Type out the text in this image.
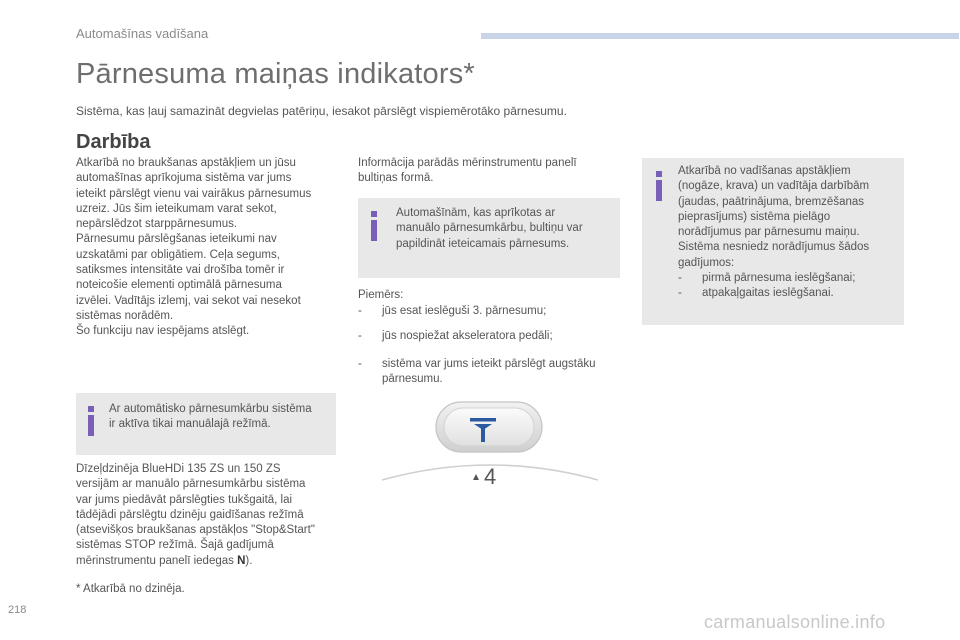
Automašīnas vadīšana
Pārnesuma maiņas indikators*
Sistēma, kas ļauj samazināt degvielas patēriņu, iesakot pārslēgt vispiemērotāko pārnesumu.
Darbība
Atkarībā no braukšanas apstākļiem un jūsu
automašīnas aprīkojuma sistēma var jums
ieteikt pārslēgt vienu vai vairākus pārnesumus
uzreiz. Jūs šim ieteikumam varat sekot,
nepārslēdzot starppārnesumus.
Pārnesumu pārslēgšanas ieteikumi nav
uzskatāmi par obligātiem. Ceļa segums,
satiksmes intensitāte vai drošība tomēr ir
noteicošie elementi optimālā pārnesuma
izvēlei. Vadītājs izlemj, vai sekot vai nesekot
sistēmas norādēm.
Šo funkciju nav iespējams atslēgt.
Ar automātisko pārnesumkārbu sistēma
ir aktīva tikai manuālajā režīmā.
Dīzeļdzinēja BlueHDi 135 ZS un 150 ZS
versijām ar manuālo pārnesumkārbu sistēma
var jums piedāvāt pārslēgties tukšgaitā, lai
tādējādi pārslēgtu dzinēju gaidīšanas režīmā
(atsevišķos braukšanas apstākļos "Stop&Start"
sistēmas STOP režīmā. Šajā gadījumā
mērinstrumentu panelī iedegas N).
* Atkarībā no dzinēja.
218
Informācija parādās mērinstrumentu panelī
bultiņas formā.
Automašīnām, kas aprīkotas ar
manuālo pārnesumkārbu, bultiņu var
papildināt ieteicamais pārnesums.
Piemērs:
- jūs esat ieslēguši 3. pārnesumu;
- jūs nospiežat akseleratora pedāli;
- sistēma var jums ieteikt pārslēgt augstāku
pārnesumu.
4
Atkarībā no vadīšanas apstākļiem
(nogāze, krava) un vadītāja darbībām
(jaudas, paātrinājuma, bremzēšanas
pieprasījums) sistēma pielāgo
norādījumus par pārnesumu maiņu.
Sistēma nesniedz norādījumus šādos
gadījumos:
- pirmā pārnesuma ieslēgšanai;
- atpakaļgaitas ieslēgšanai.
carmanualsonline.info
